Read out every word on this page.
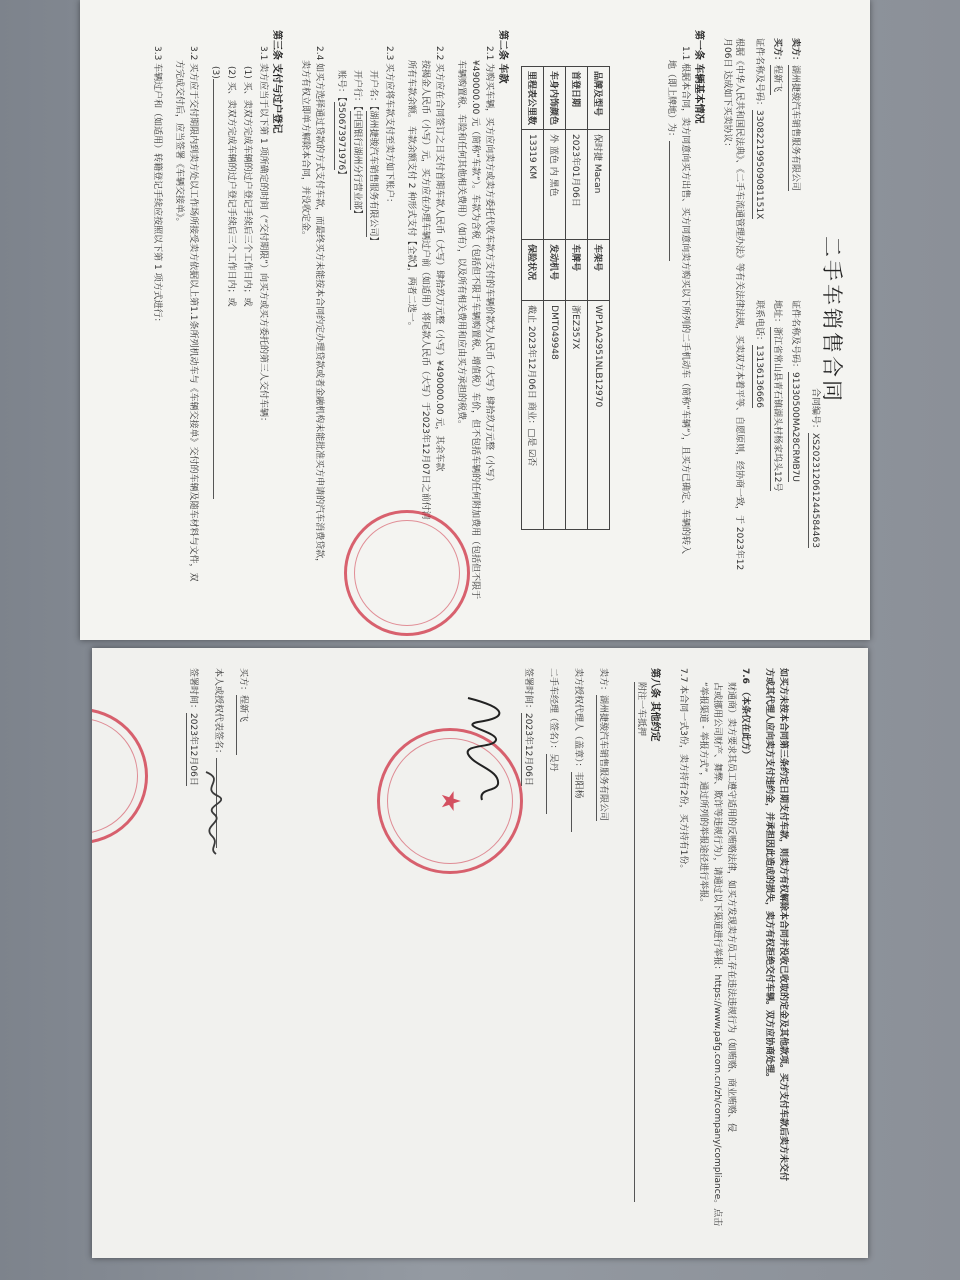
二手车销售合同
合同编号：XS20231206124458446​3
卖方：湖州捷骏汽车销售服务有限公司
证件名称及号码：91330500MA28CRMB7U
买方：程新飞
地址：浙江省常山县青石镇湖头村杨家坞头12号
证件名称及号码：330822199509081151X
联系电话：13136136666
根据《中华人民共和国民法典》、《二手车流通管理办法》等有关法律法规，买卖双方本着平等、自愿原则，经协商一致，于 2023年12
月06日 达成如下买卖协议：
第一条 车辆基本情况
1.1 根据本合同，卖方同意向买方出售、买方同意向卖方购买以下所列的二手机动车（简称“车辆”），且买方已确定、车辆的转入
地（即上牌地）为：
品牌及型号	保时捷 Macan	车架号	WP1AA2951NLB12970
首登日期	2023年01月06日	车牌号	浙EZ357X
车身内饰颜色	外 蓝色 内 黑色	发动机号	DMT049948
里程表公里数	13319 KM	保险状况	截止 2023年12月06日 商业：□是 ☑否
第二条 车款
2.1 为购买车辆，买方应向卖方或卖方委托代收车款方支付的车辆价款为人民币（大写）肆拾玖万元整（小写）
¥490000.00 元（简称“车款”）。车款为含税（包括但不限于车辆购置税、增值税）车价，但不包括车辆的任何附加费用（包括但不限于
车辆购置税、车险和任何其他相关费用）（如有），以及所有相关费用和应由买方承担的税费。
2.2 买方应在合同签订之日支付首期车款人民币（大写）肆拾玖万元整（小写）¥490000.00 元，其余车款
按揭金人民币（小写）元，买方应在办理车辆过户前（如适用）将尾款人民币（大写）于2023年12月07日之前付清
所有车款余额。 车款余额支付 2 种形式支付【全款】，两者二选一。
2.3 买方应将车款支付至卖方如下账户：
开户名：【湖州捷骏汽车销售服务有限公司】
开户行：【中国银行湖州分行营业部】
账号：【35067397197​6】
2.4 如买方选择通过贷款的方式支付车款，而最终买方未能按本合同约定办理贷款或者金融机构未能批准买方申请的汽车消费贷款，
卖方有权立即单方解除本合同，并没收定金。
第三条 支付与过户登记
3.1 卖方应当于以下第 1 项所确定的时间（“交付期限”）向买方或买方委托的第三人交付车辆：
(1) 买、卖双方完成车辆的过户登记手续后三个工作日内；或
(2) 买、卖双方完成车辆的过户登记手续后三个工作日内；或
(3)
3.2 买方应于交付期限内到卖方处以工作场所接受卖方依据以上第1.1条所列机动车与《车辆交接单》交付的车辆及随车材料与文件，双
方完成交付后，应当签署《车辆交接单》。
3.3 车辆过户和（如适用）转籍登记手续应按照以下第 1 项方式进行：
如买方未按本合同第三条约定日期支付车款，则卖方有权解除本合同并没收已收取的定金及其他款项。买方支付车款后卖方未交付
方或其代理人应向卖方支付违约金，并承担因此造成的损失，卖方有权拒绝交付车辆。双方应协商处理。
7.6 （本条仅在此方）
财通商）卖方要求其员工遵守适用的反贿赂法律，如买方发现卖方员工存在违法违规行为（如贿赂、商业贿赂、侵
占或挪用公司财产、舞弊、欺诈等违规行为），请通过以下渠道进行举报：https://www.pafg.com.cn/zh/company/compliance。点击
“举报渠道 - 举报方式”，通过所列的举报途径进行举报。
7.7 本合同一式3份，卖方持有2份，买方持有1份。
第八条 其他约定
附注一车抵押
卖方：湖州捷骏汽车销售服务有限公司
卖方授权代理人（盖章）：韦阳杨
二手车经理（签名）：吴丹
签署时间：2023年12月06日
买方：程新飞
本人或授权代表签名：
签署时间：2023年12月06日
★
